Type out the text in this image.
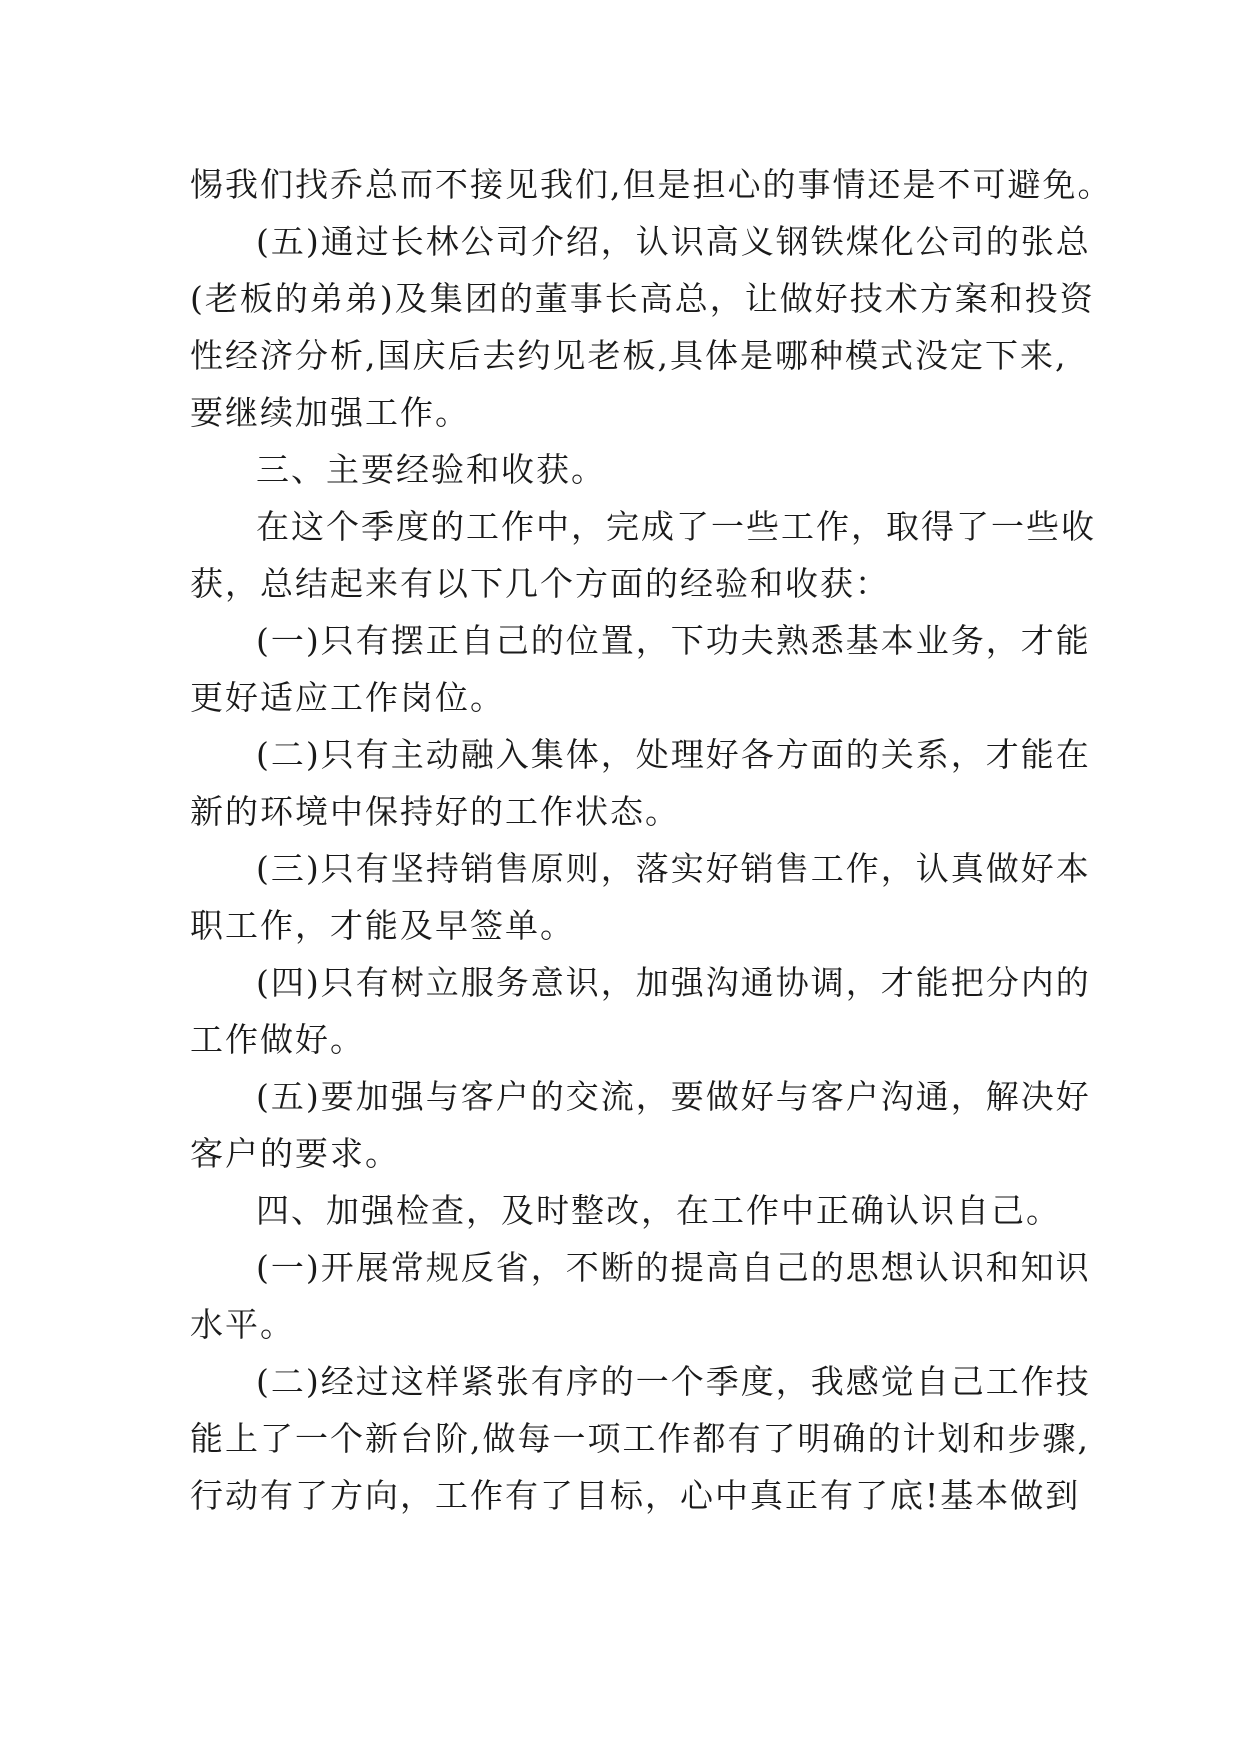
惕我们找乔总而不接见我们,但是担心的事情还是不可避免。
(五)通过长林公司介绍，认识高义钢铁煤化公司的张总
(老板的弟弟)及集团的董事长高总，让做好技术方案和投资
性经济分析,国庆后去约见老板,具体是哪种模式没定下来,
要继续加强工作。
三、主要经验和收获。
在这个季度的工作中，完成了一些工作，取得了一些收
获，总结起来有以下几个方面的经验和收获：
(一)只有摆正自己的位置，下功夫熟悉基本业务，才能
更好适应工作岗位。
(二)只有主动融入集体，处理好各方面的关系，才能在
新的环境中保持好的工作状态。
(三)只有坚持销售原则，落实好销售工作，认真做好本
职工作，才能及早签单。
(四)只有树立服务意识，加强沟通协调，才能把分内的
工作做好。
(五)要加强与客户的交流，要做好与客户沟通，解决好
客户的要求。
四、加强检查，及时整改，在工作中正确认识自己。
(一)开展常规反省，不断的提高自己的思想认识和知识
水平。
(二)经过这样紧张有序的一个季度，我感觉自己工作技
能上了一个新台阶,做每一项工作都有了明确的计划和步骤,
行动有了方向，工作有了目标，心中真正有了底!基本做到
